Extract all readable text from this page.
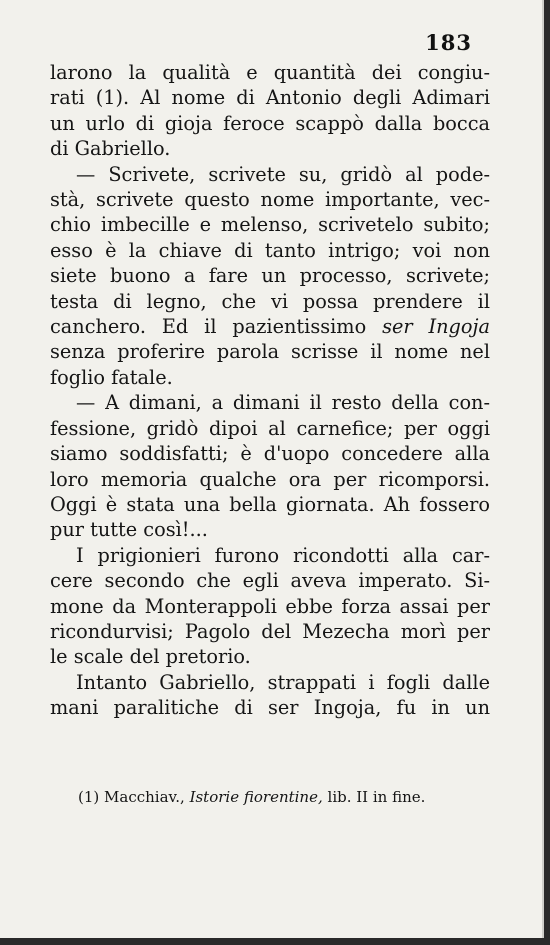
183
larono la qualità e quantità dei congiu-
rati (1). Al nome di Antonio degli Adimari
un urlo di gioja feroce scappò dalla bocca
di Gabriello.
— Scrivete, scrivete su, gridò al pode-
stà, scrivete questo nome importante, vec-
chio imbecille e melenso, scrivetelo subito;
esso è la chiave di tanto intrigo; voi non
siete buono a fare un processo, scrivete;
testa di legno, che vi possa prendere il
canchero. Ed il pazientissimo ser Ingoja
senza proferire parola scrisse il nome nel
foglio fatale.
— A dimani, a dimani il resto della con-
fessione, gridò dipoi al carnefice; per oggi
siamo soddisfatti; è d'uopo concedere alla
loro memoria qualche ora per ricomporsi.
Oggi è stata una bella giornata. Ah fossero
pur tutte così!...
I prigionieri furono ricondotti alla car-
cere secondo che egli aveva imperato. Si-
mone da Monterappoli ebbe forza assai per
ricondurvisi; Pagolo del Mezecha morì per
le scale del pretorio.
Intanto Gabriello, strappati i fogli dalle
mani paralitiche di ser Ingoja, fu in un
(1) Macchiav., Istorie fiorentine, lib. II in fine.
